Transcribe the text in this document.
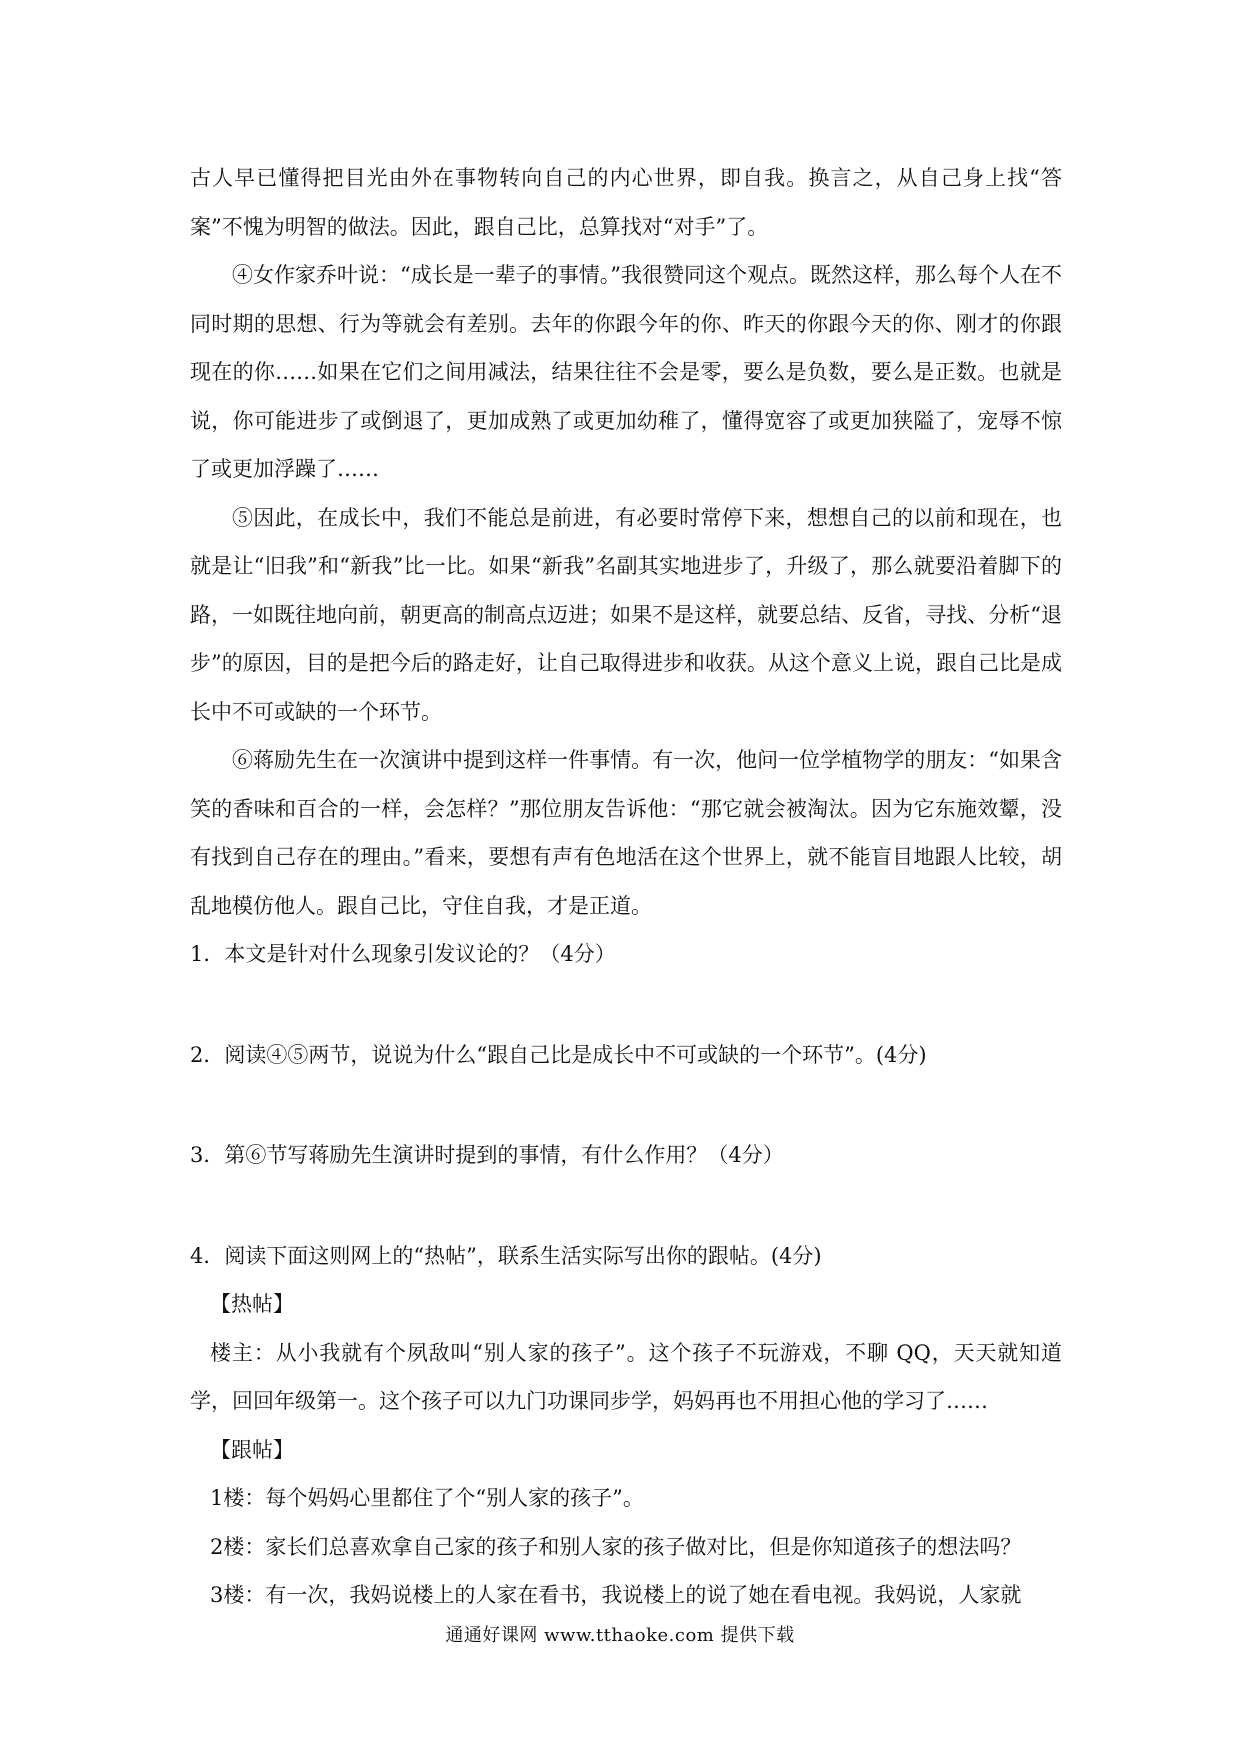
古人早已懂得把目光由外在事物转向自己的内心世界，即自我。换言之，从自己身上找“答案”不愧为明智的做法。因此，跟自己比，总算找对“对手”了。

④女作家乔叶说：“成长是一辈子的事情。”我很赞同这个观点。既然这样，那么每个人在不同时期的思想、行为等就会有差别。去年的你跟今年的你、昨天的你跟今天的你、刚才的你跟现在的你……如果在它们之间用减法，结果往往不会是零，要么是负数，要么是正数。也就是说，你可能进步了或倒退了，更加成熟了或更加幼稚了，懂得宽容了或更加狭隘了，宠辱不惊了或更加浮躁了……

⑤因此，在成长中，我们不能总是前进，有必要时常停下来，想想自己的以前和现在，也就是让“旧我”和“新我”比一比。如果“新我”名副其实地进步了，升级了，那么就要沿着脚下的路，一如既往地向前，朝更高的制高点迈进；如果不是这样，就要总结、反省，寻找、分析“退步”的原因，目的是把今后的路走好，让自己取得进步和收获。从这个意义上说，跟自己比是成长中不可或缺的一个环节。

⑥蒋励先生在一次演讲中提到这样一件事情。有一次，他问一位学植物学的朋友：“如果含笑的香味和百合的一样，会怎样？”那位朋友告诉他：“那它就会被淘汰。因为它东施效颦，没有找到自己存在的理由。”看来，要想有声有色地活在这个世界上，就不能盲目地跟人比较，胡乱地模仿他人。跟自己比，守住自我，才是正道。

1．本文是针对什么现象引发议论的？（4分）

2．阅读④⑤两节，说说为什么“跟自己比是成长中不可或缺的一个环节”。(4分)

3．第⑥节写蒋励先生演讲时提到的事情，有什么作用？（4分）

4．阅读下面这则网上的“热帖”，联系生活实际写出你的跟帖。(4分)

【热帖】

楼主：从小我就有个夙敌叫“别人家的孩子”。这个孩子不玩游戏，不聊 QQ，天天就知道学，回回年级第一。这个孩子可以九门功课同步学，妈妈再也不用担心他的学习了……

【跟帖】

1楼：每个妈妈心里都住了个“别人家的孩子”。

2楼：家长们总喜欢拿自己家的孩子和别人家的孩子做对比，但是你知道孩子的想法吗？

3楼：有一次，我妈说楼上的人家在看书，我说楼上的说了她在看电视。我妈说，人家就

通通好课网 www.tthaoke.com 提供下载
